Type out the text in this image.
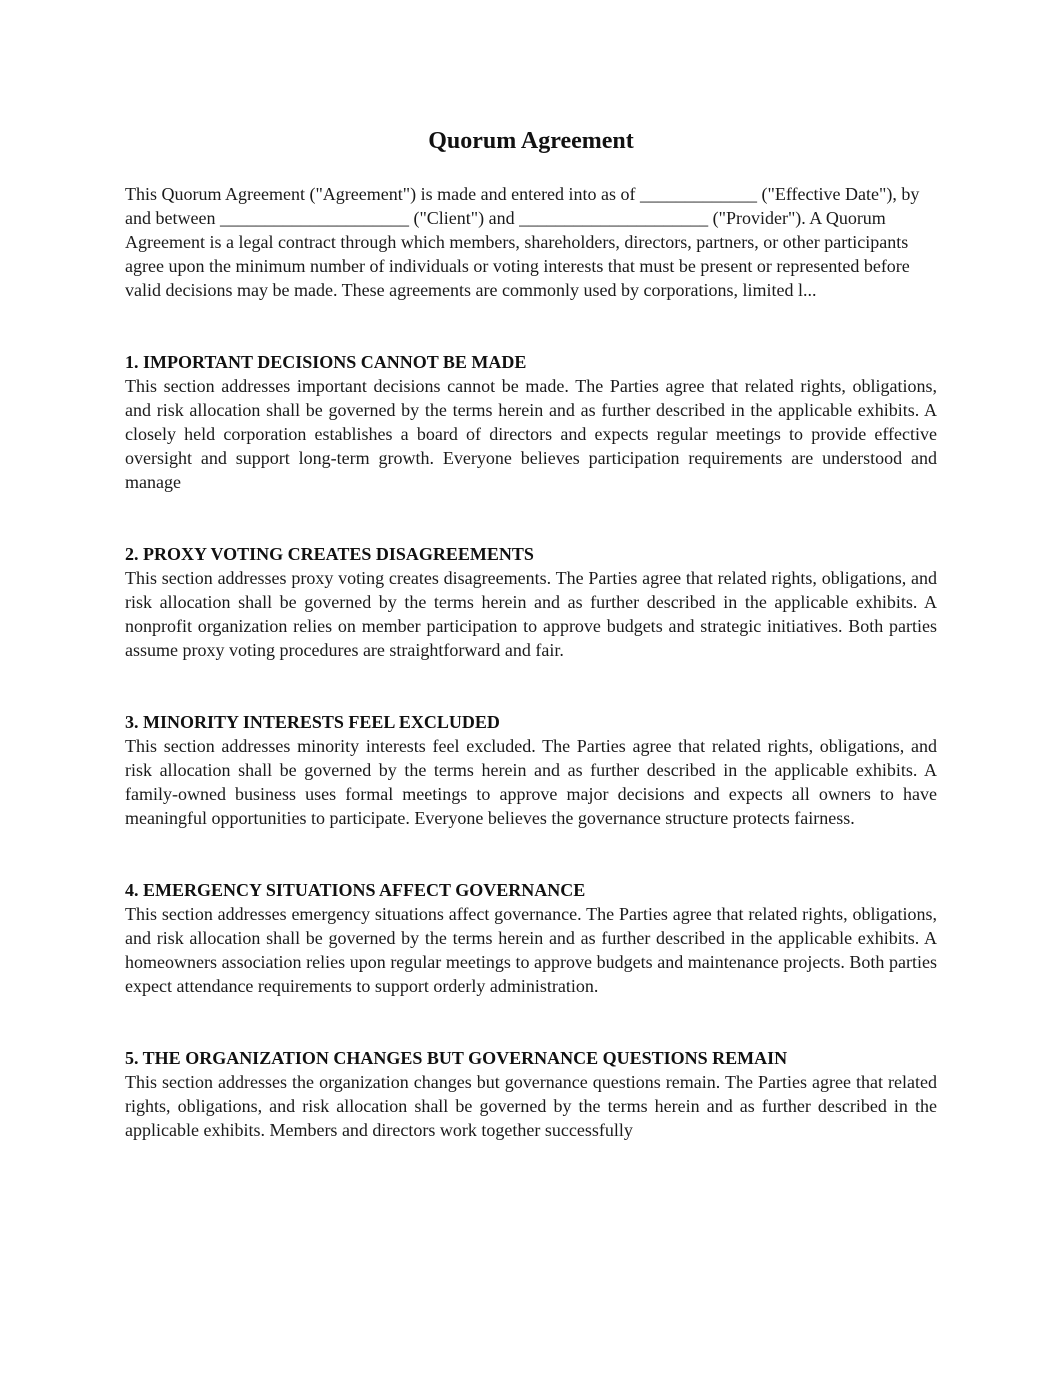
Quorum Agreement

This Quorum Agreement ("Agreement") is made and entered into as of _____________ ("Effective Date"), by and between _____________________ ("Client") and _____________________ ("Provider"). A Quorum Agreement is a legal contract through which members, shareholders, directors, partners, or other participants agree upon the minimum number of individuals or voting interests that must be present or represented before valid decisions may be made. These agreements are commonly used by corporations, limited l...

1. IMPORTANT DECISIONS CANNOT BE MADE

This section addresses important decisions cannot be made. The Parties agree that related rights, obligations, and risk allocation shall be governed by the terms herein and as further described in the applicable exhibits. A closely held corporation establishes a board of directors and expects regular meetings to provide effective oversight and support long-term growth. Everyone believes participation requirements are understood and manage

2. PROXY VOTING CREATES DISAGREEMENTS

This section addresses proxy voting creates disagreements. The Parties agree that related rights, obligations, and risk allocation shall be governed by the terms herein and as further described in the applicable exhibits. A nonprofit organization relies on member participation to approve budgets and strategic initiatives. Both parties assume proxy voting procedures are straightforward and fair.

3. MINORITY INTERESTS FEEL EXCLUDED

This section addresses minority interests feel excluded. The Parties agree that related rights, obligations, and risk allocation shall be governed by the terms herein and as further described in the applicable exhibits. A family-owned business uses formal meetings to approve major decisions and expects all owners to have meaningful opportunities to participate. Everyone believes the governance structure protects fairness.

4. EMERGENCY SITUATIONS AFFECT GOVERNANCE

This section addresses emergency situations affect governance. The Parties agree that related rights, obligations, and risk allocation shall be governed by the terms herein and as further described in the applicable exhibits. A homeowners association relies upon regular meetings to approve budgets and maintenance projects. Both parties expect attendance requirements to support orderly administration.

5. THE ORGANIZATION CHANGES BUT GOVERNANCE QUESTIONS REMAIN

This section addresses the organization changes but governance questions remain. The Parties agree that related rights, obligations, and risk allocation shall be governed by the terms herein and as further described in the applicable exhibits. Members and directors work together successfully
